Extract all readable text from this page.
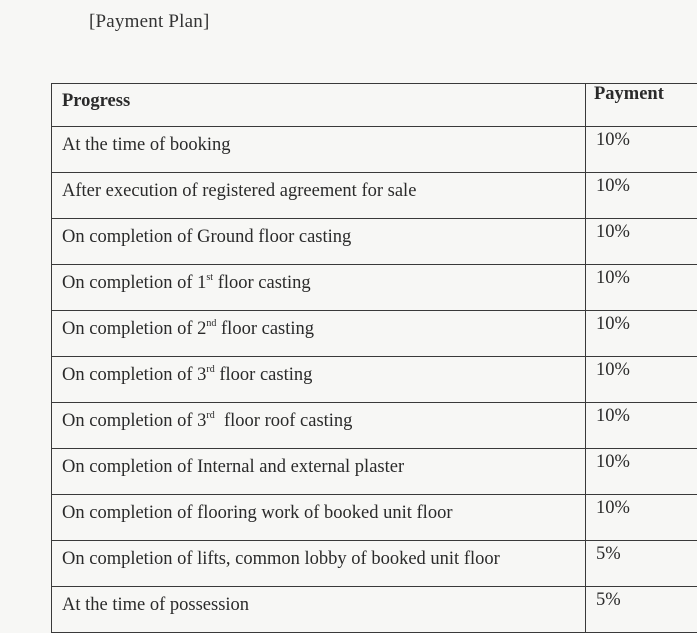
[Payment Plan]
Progress	Payment
At the time of booking	10%
After execution of registered agreement for sale	10%
On completion of Ground floor casting	10%
On completion of 1st floor casting	10%
On completion of 2nd floor casting	10%
On completion of 3rd floor casting	10%
On completion of 3rd  floor roof casting	10%
On completion of Internal and external plaster	10%
On completion of flooring work of booked unit floor	10%
On completion of lifts, common lobby of booked unit floor	5%
At the time of possession	5%
